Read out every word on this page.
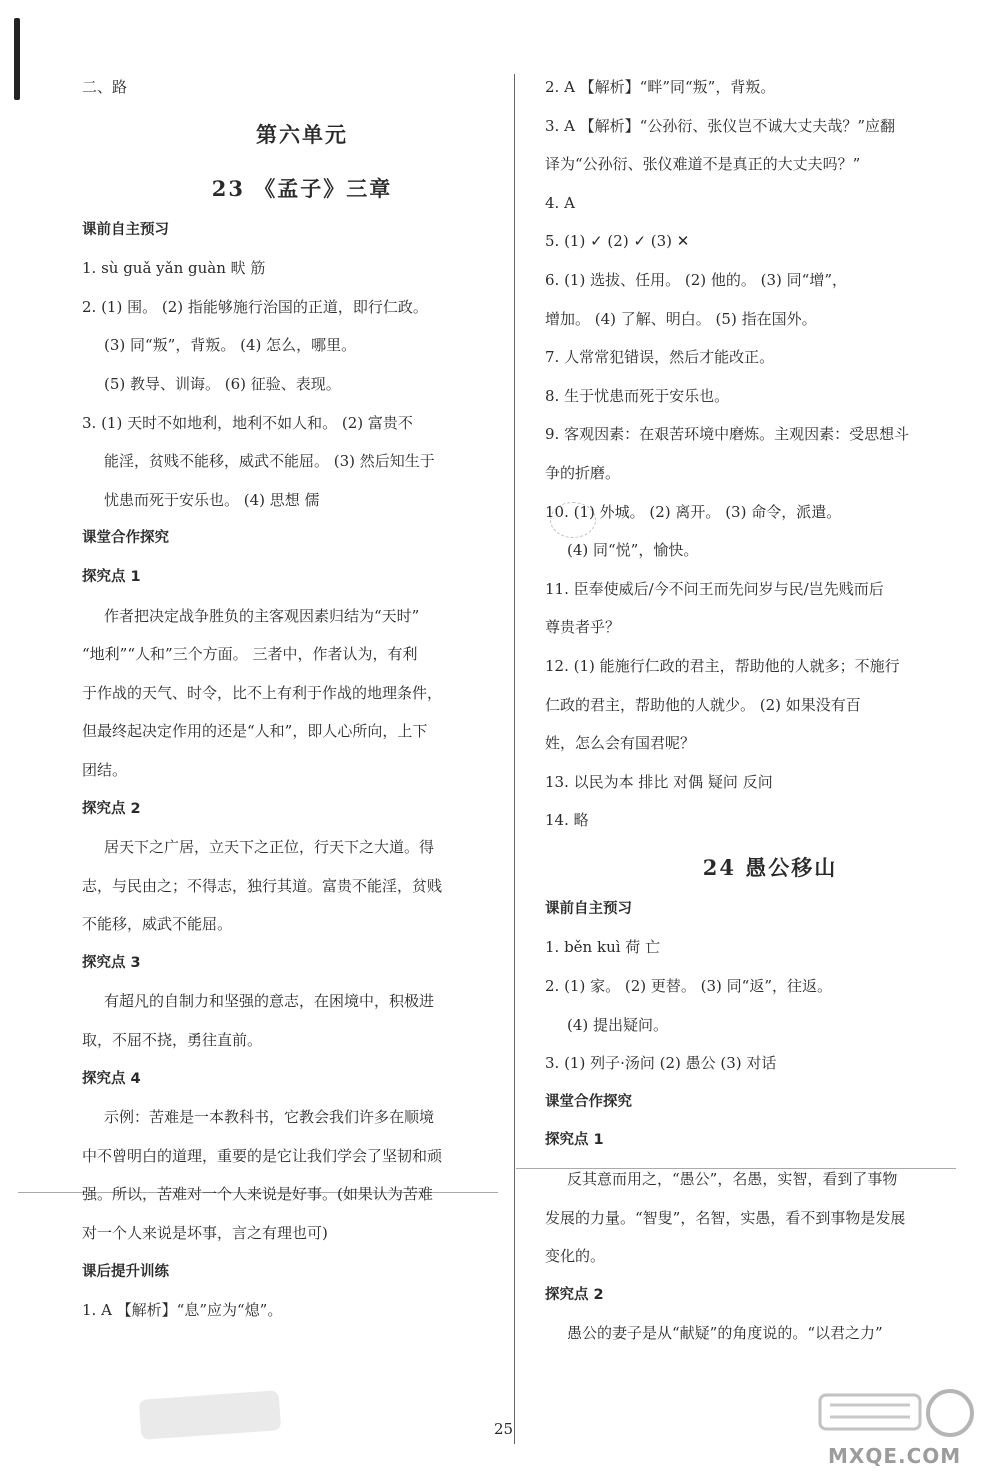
二、路
第六单元
23 《孟子》三章
课前自主预习
1. sù guǎ yǎn guàn 畎 筋
2. (1) 围。 (2) 指能够施行治国的正道，即行仁政。
(3) 同“叛”，背叛。 (4) 怎么，哪里。
(5) 教导、训诲。 (6) 征验、表现。
3. (1) 天时不如地利，地利不如人和。 (2) 富贵不
能淫，贫贱不能移，威武不能屈。 (3) 然后知生于
忧患而死于安乐也。 (4) 思想 儒
课堂合作探究
探究点 1
作者把决定战争胜负的主客观因素归结为“天时”
“地利”“人和”三个方面。 三者中，作者认为，有利
于作战的天气、时令，比不上有利于作战的地理条件，
但最终起决定作用的还是“人和”，即人心所向，上下
团结。
探究点 2
居天下之广居，立天下之正位，行天下之大道。得
志，与民由之；不得志，独行其道。富贵不能淫，贫贱
不能移，威武不能屈。
探究点 3
有超凡的自制力和坚强的意志，在困境中，积极进
取，不屈不挠，勇往直前。
探究点 4
示例：苦难是一本教科书，它教会我们许多在顺境
中不曾明白的道理，重要的是它让我们学会了坚韧和顽
强。所以，苦难对一个人来说是好事。(如果认为苦难
对一个人来说是坏事，言之有理也可)
课后提升训练
1. A 【解析】“息”应为“熄”。
2. A 【解析】“畔”同“叛”，背叛。
3. A 【解析】“公孙衍、张仪岂不诚大丈夫哉？”应翻
译为“公孙衍、张仪难道不是真正的大丈夫吗？”
4. A
5. (1) ✓ (2) ✓ (3) ✕
6. (1) 选拔、任用。 (2) 他的。 (3) 同“增”，
增加。 (4) 了解、明白。 (5) 指在国外。
7. 人常常犯错误，然后才能改正。
8. 生于忧患而死于安乐也。
9. 客观因素：在艰苦环境中磨炼。主观因素：受思想斗
争的折磨。
10. (1) 外城。 (2) 离开。 (3) 命令，派遣。
(4) 同“悦”，愉快。
11. 臣奉使威后/今不问王而先问岁与民/岂先贱而后
尊贵者乎？
12. (1) 能施行仁政的君主，帮助他的人就多；不施行
仁政的君主，帮助他的人就少。 (2) 如果没有百
姓，怎么会有国君呢？
13. 以民为本 排比 对偶 疑问 反问
14. 略
24 愚公移山
课前自主预习
1. běn kuì 荷 亡
2. (1) 家。 (2) 更替。 (3) 同“返”，往返。
(4) 提出疑问。
3. (1) 列子·汤问 (2) 愚公 (3) 对话
课堂合作探究
探究点 1
反其意而用之，“愚公”，名愚，实智，看到了事物
发展的力量。“智叟”，名智，实愚，看不到事物是发展
变化的。
探究点 2
愚公的妻子是从“献疑”的角度说的。“以君之力”
25
MXQE.COM
